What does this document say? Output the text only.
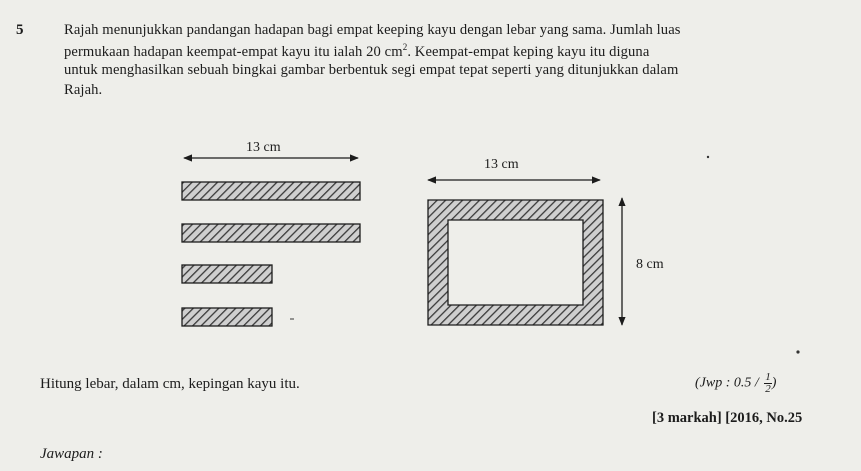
5	Rajah menunjukkan pandangan hadapan bagi empat keeping kayu dengan lebar yang sama. Jumlah luas
permukaan hadapan keempat-empat kayu itu ialah 20 $cm^2$. Keempat-empat keping kayu itu diguna
untuk menghasilkan sebuah bingkai gambar berbentuk segi empat tepat seperti yang ditunjukkan dalam
Rajah.
13 cm
13 cm
8 cm
Hitung lebar, dalam cm, kepingan kayu itu.	(Jwp : $0.5 / \frac{1}{2}$ )
[3 markah] [2016, No.25
Jawapan :
